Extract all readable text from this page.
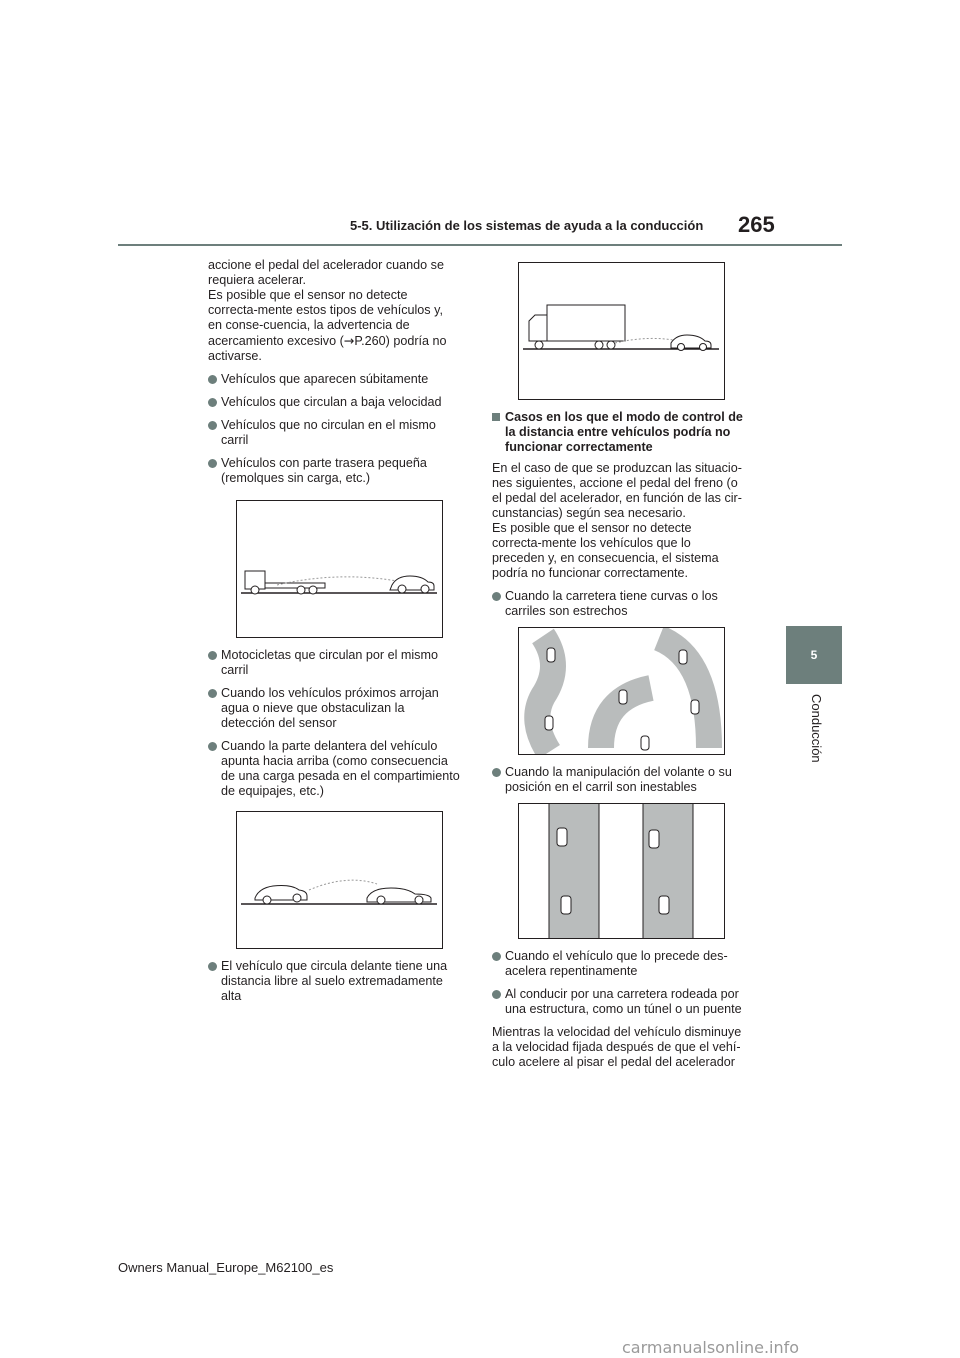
5-5. Utilización de los sistemas de ayuda a la conducción 265
5
Conducción

accione el pedal del acelerador cuando se requiera acelerar.

Es posible que el sensor no detecte correcta-mente estos tipos de vehículos y, en conse-cuencia, la advertencia de acercamiento excesivo (→P.260) podría no activarse.

Vehículos que aparecen súbitamente
Vehículos que circulan a baja velocidad
Vehículos que no circulan en el mismo carril
Vehículos con parte trasera pequeña (remolques sin carga, etc.)
Motocicletas que circulan por el mismo carril
Cuando los vehículos próximos arrojan agua o nieve que obstaculizan la detección del sensor
Cuando la parte delantera del vehículo apunta hacia arriba (como consecuencia de una carga pesada en el compartimiento de equipajes, etc.)
El vehículo que circula delante tiene una distancia libre al suelo extremadamente alta
Casos en los que el modo de control de la distancia entre vehículos podría no funcionar correctamente

En el caso de que se produzcan las situacio-nes siguientes, accione el pedal del freno (o el pedal del acelerador, en función de las cir-cunstancias) según sea necesario.

Es posible que el sensor no detecte correcta-mente los vehículos que lo preceden y, en consecuencia, el sistema podría no funcionar correctamente.

Cuando la carretera tiene curvas o los carriles son estrechos
Cuando la manipulación del volante o su posición en el carril son inestables
Cuando el vehículo que lo precede des-acelera repentinamente
Al conducir por una carretera rodeada por una estructura, como un túnel o un puente

Mientras la velocidad del vehículo disminuye a la velocidad fijada después de que el vehí-culo acelere al pisar el pedal del acelerador

Owners Manual_Europe_M62100_es
carmanualsonline.info
